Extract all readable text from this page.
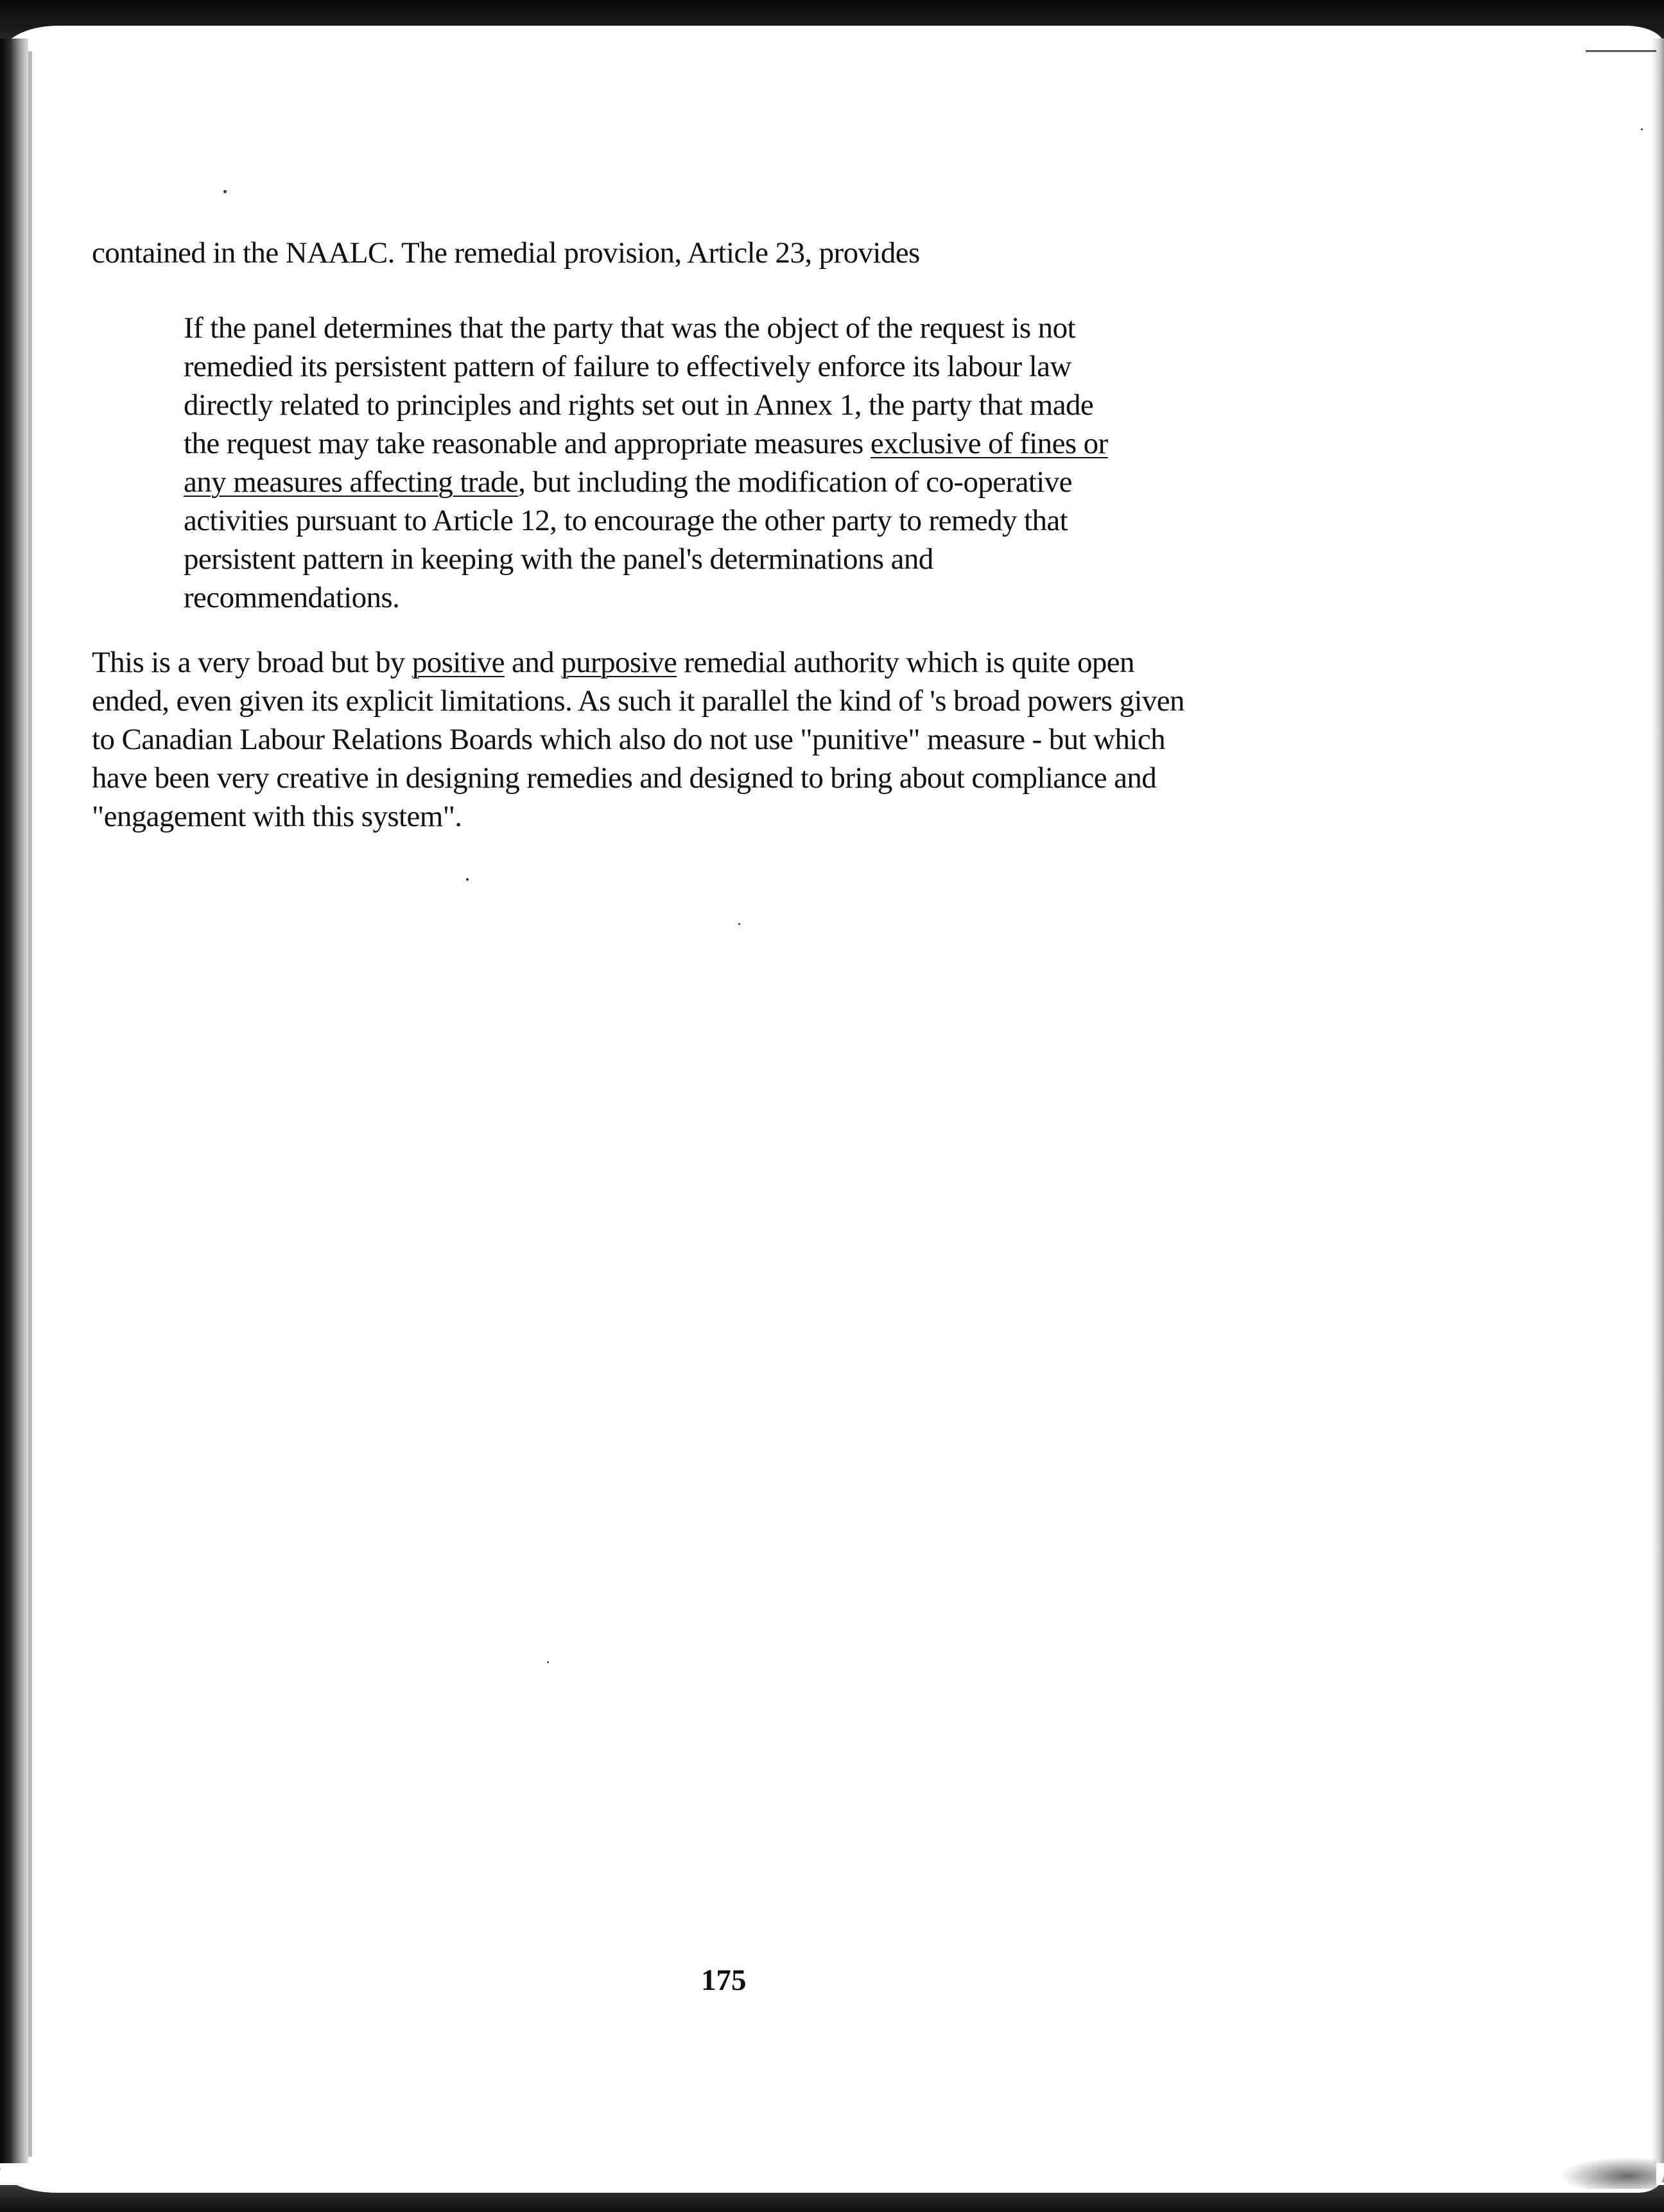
contained in the NAALC. The remedial provision, Article 23, provides
If the panel determines that the party that was the object of the request is not
remedied its persistent pattern of failure to effectively enforce its labour law
directly related to principles and rights set out in Annex 1, the party that made
the request may take reasonable and appropriate measures exclusive of fines or
any measures affecting trade, but including the modification of co-operative
activities pursuant to Article 12, to encourage the other party to remedy that
persistent pattern in keeping with the panel's determinations and
recommendations.
This is a very broad but by positive and purposive remedial authority which is quite open
ended, even given its explicit limitations. As such it parallel the kind of 's broad powers given
to Canadian Labour Relations Boards which also do not use "punitive" measure - but which
have been very creative in designing remedies and designed to bring about compliance and
"engagement with this system".
175
